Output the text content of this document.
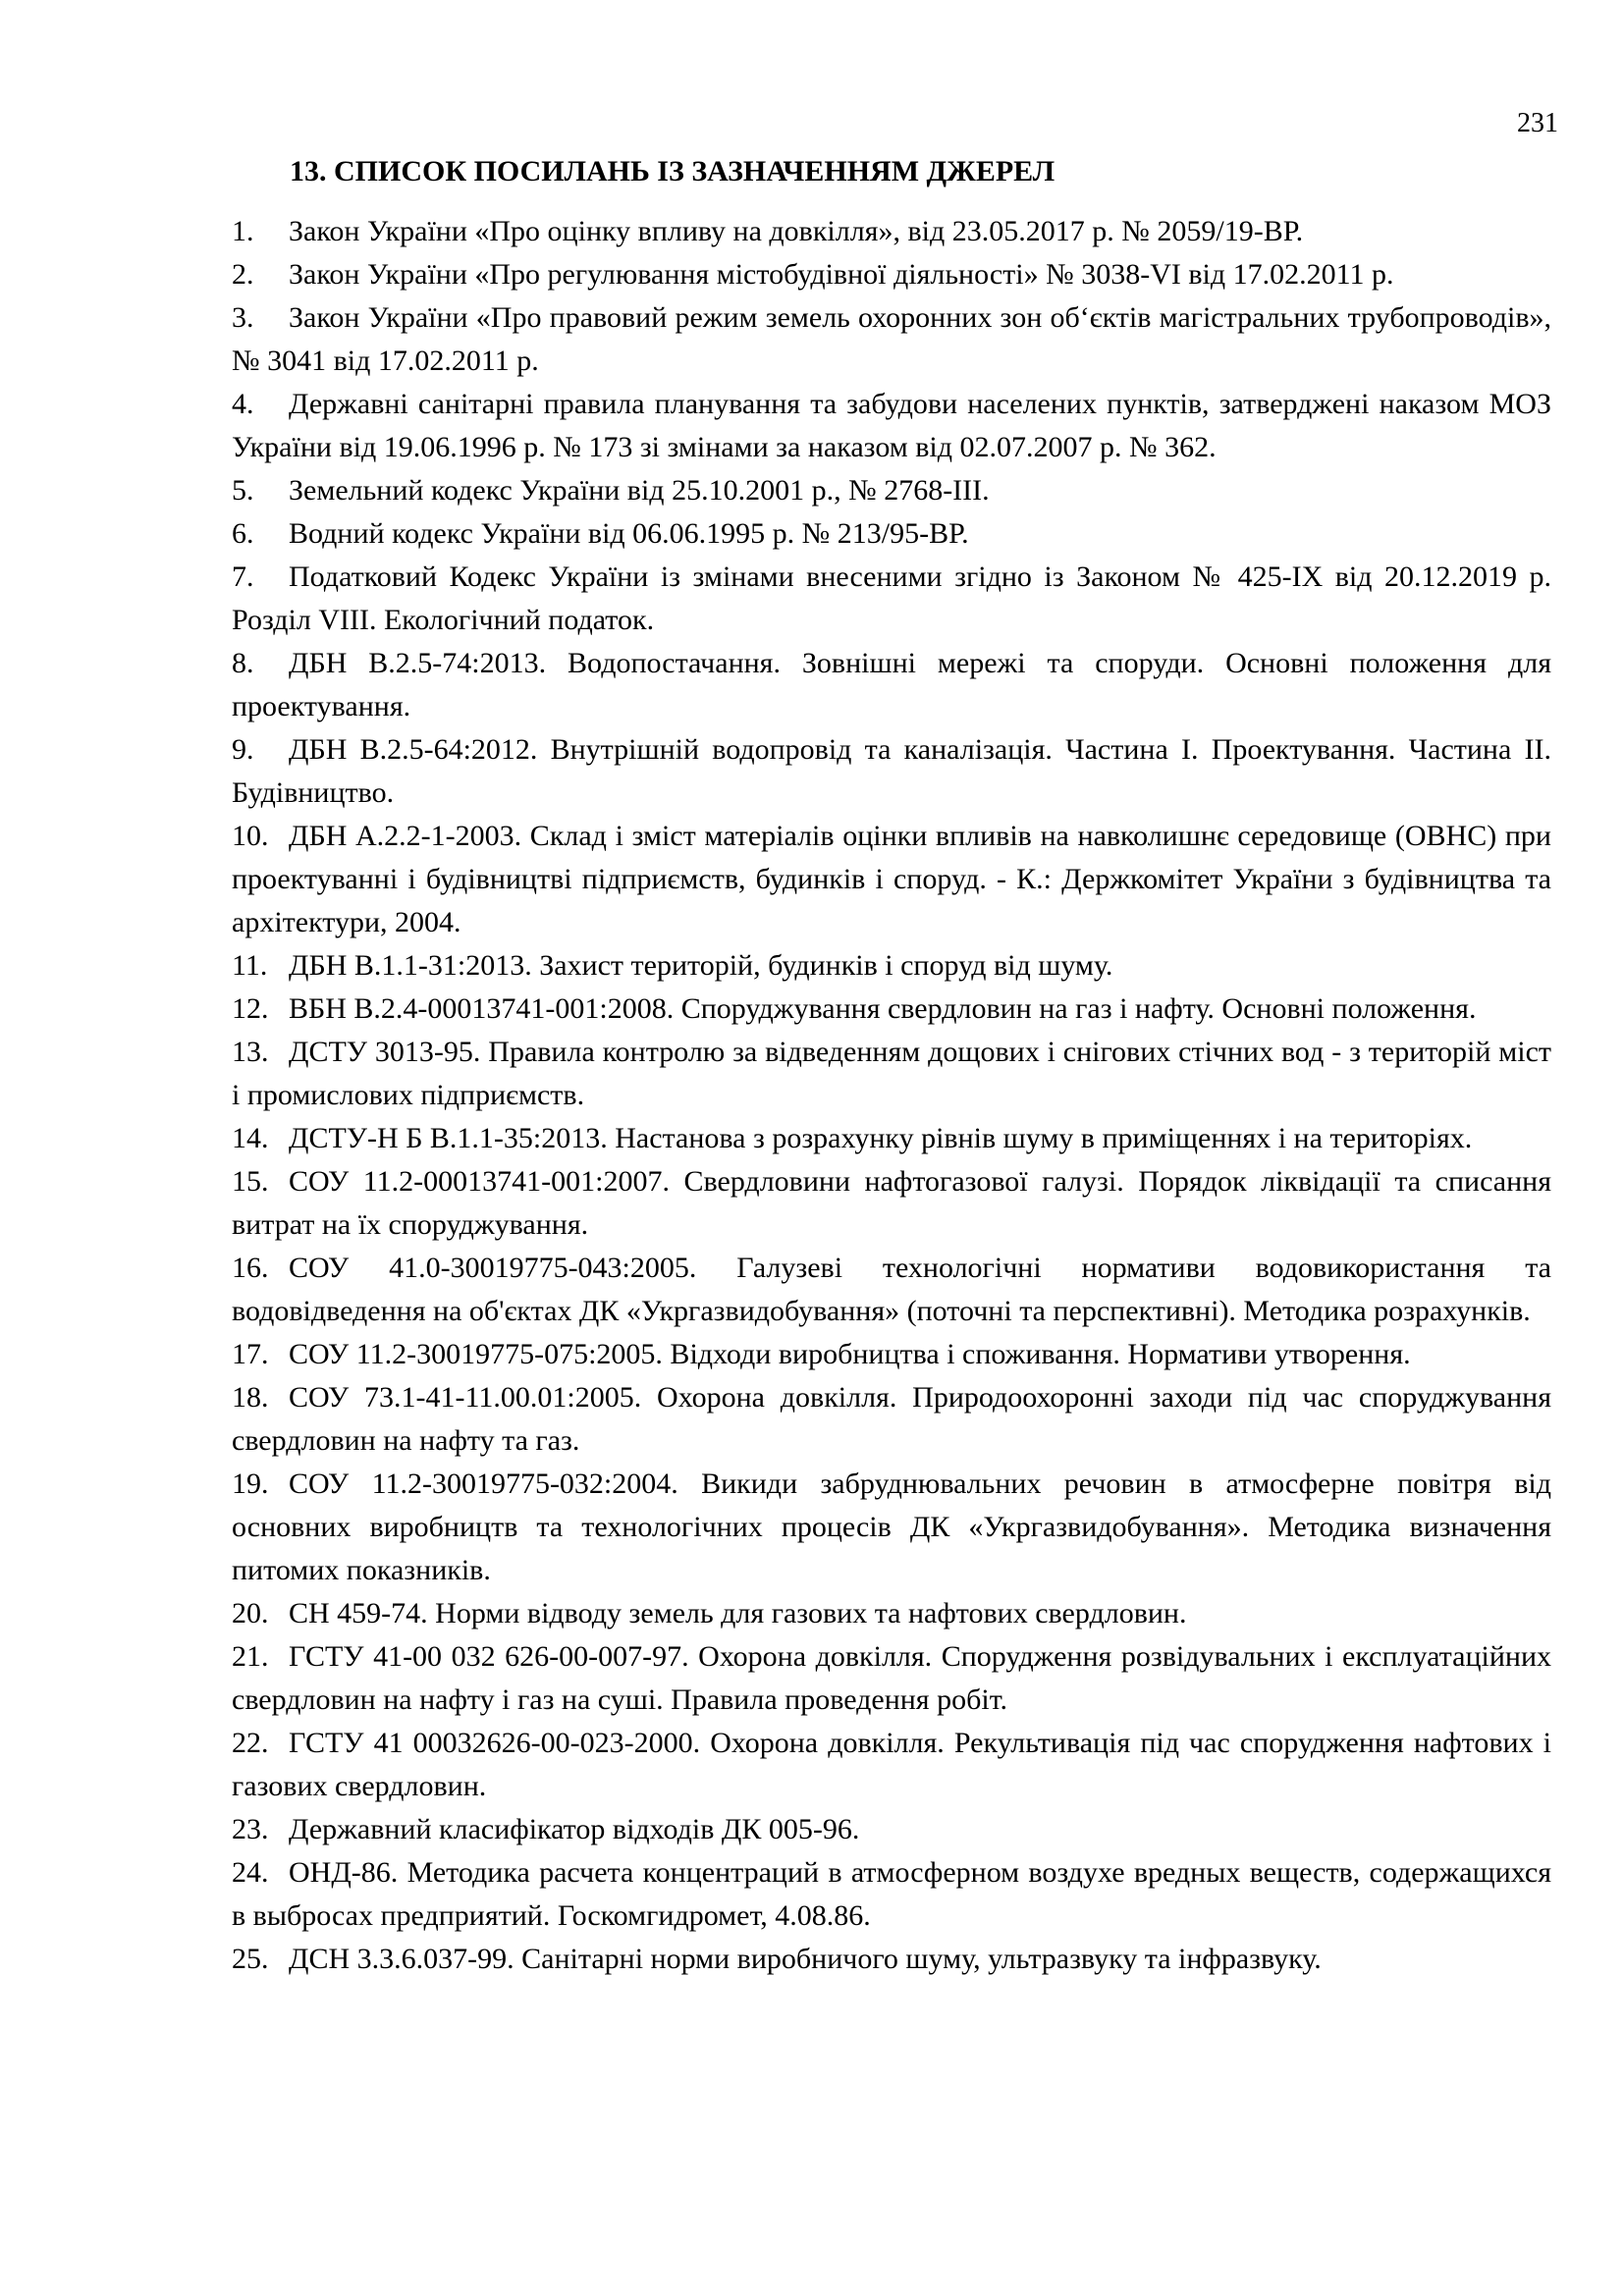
231
13. СПИСОК ПОСИЛАНЬ ІЗ ЗАЗНАЧЕННЯМ ДЖЕРЕЛ
1. Закон України «Про оцінку впливу на довкілля», від 23.05.2017 р. № 2059/19-ВР.
2. Закон України «Про регулювання містобудівної діяльності» № 3038-VI від 17.02.2011 р.
3. Закон України «Про правовий режим земель охоронних зон об‘єктів магістральних трубопроводів», № 3041 від 17.02.2011 р.
4. Державні санітарні правила планування та забудови населених пунктів, затверджені наказом МОЗ України від 19.06.1996 р. № 173 зі змінами за наказом від 02.07.2007 р. № 362.
5. Земельний кодекс України від 25.10.2001 р., № 2768-ІІІ.
6. Водний кодекс України від 06.06.1995 р. № 213/95-ВР.
7. Податковий Кодекс України із змінами внесеними згідно із Законом № 425-IX від 20.12.2019 р. Розділ VIII. Екологічний податок.
8. ДБН В.2.5-74:2013. Водопостачання. Зовнішні мережі та споруди. Основні положення для проектування.
9. ДБН В.2.5-64:2012. Внутрішній водопровід та каналізація. Частина I. Проектування. Частина II. Будівництво.
10. ДБН А.2.2-1-2003. Склад і зміст матеріалів оцінки впливів на навколишнє середовище (ОВНС) при проектуванні і будівництві підприємств, будинків і споруд. - К.: Держкомітет України з будівництва та архітектури, 2004.
11. ДБН В.1.1-31:2013. Захист територій, будинків і споруд від шуму.
12. ВБН В.2.4-00013741-001:2008. Споруджування свердловин на газ і нафту. Основні положення.
13. ДСТУ 3013-95. Правила контролю за відведенням дощових і снігових стічних вод - з територій міст і промислових підприємств.
14. ДСТУ-Н Б В.1.1-35:2013. Настанова з розрахунку рівнів шуму в приміщеннях і на територіях.
15. СОУ 11.2-00013741-001:2007. Свердловини нафтогазової галузі. Порядок ліквідації та списання витрат на їх споруджування.
16. СОУ 41.0-30019775-043:2005. Галузеві технологічні нормативи водовикористання та водовідведення на об'єктах ДК «Укргазвидобування» (поточні та перспективні). Методика розрахунків.
17. СОУ 11.2-30019775-075:2005. Відходи виробництва і споживання. Нормативи утворення.
18. СОУ 73.1-41-11.00.01:2005. Охорона довкілля. Природоохоронні заходи під час споруджування свердловин на нафту та газ.
19. СОУ 11.2-30019775-032:2004. Викиди забруднювальних речовин в атмосферне повітря від основних виробництв та технологічних процесів ДК «Укргазвидобування». Методика визначення питомих показників.
20. СН 459-74. Норми відводу земель для газових та нафтових свердловин.
21. ГСТУ 41-00 032 626-00-007-97. Охорона довкілля. Спорудження розвідувальних і експлуатаційних свердловин на нафту і газ на суші. Правила проведення робіт.
22. ГСТУ 41 00032626-00-023-2000. Охорона довкілля. Рекультивація під час спорудження нафтових і газових свердловин.
23. Державний класифікатор відходів ДК 005-96.
24. ОНД-86. Методика расчета концентраций в атмосферном воздухе вредных веществ, содержащихся в выбросах предприятий. Госкомгидромет, 4.08.86.
25. ДСН 3.3.6.037-99. Санітарні норми виробничого шуму, ультразвуку та інфразвуку.
